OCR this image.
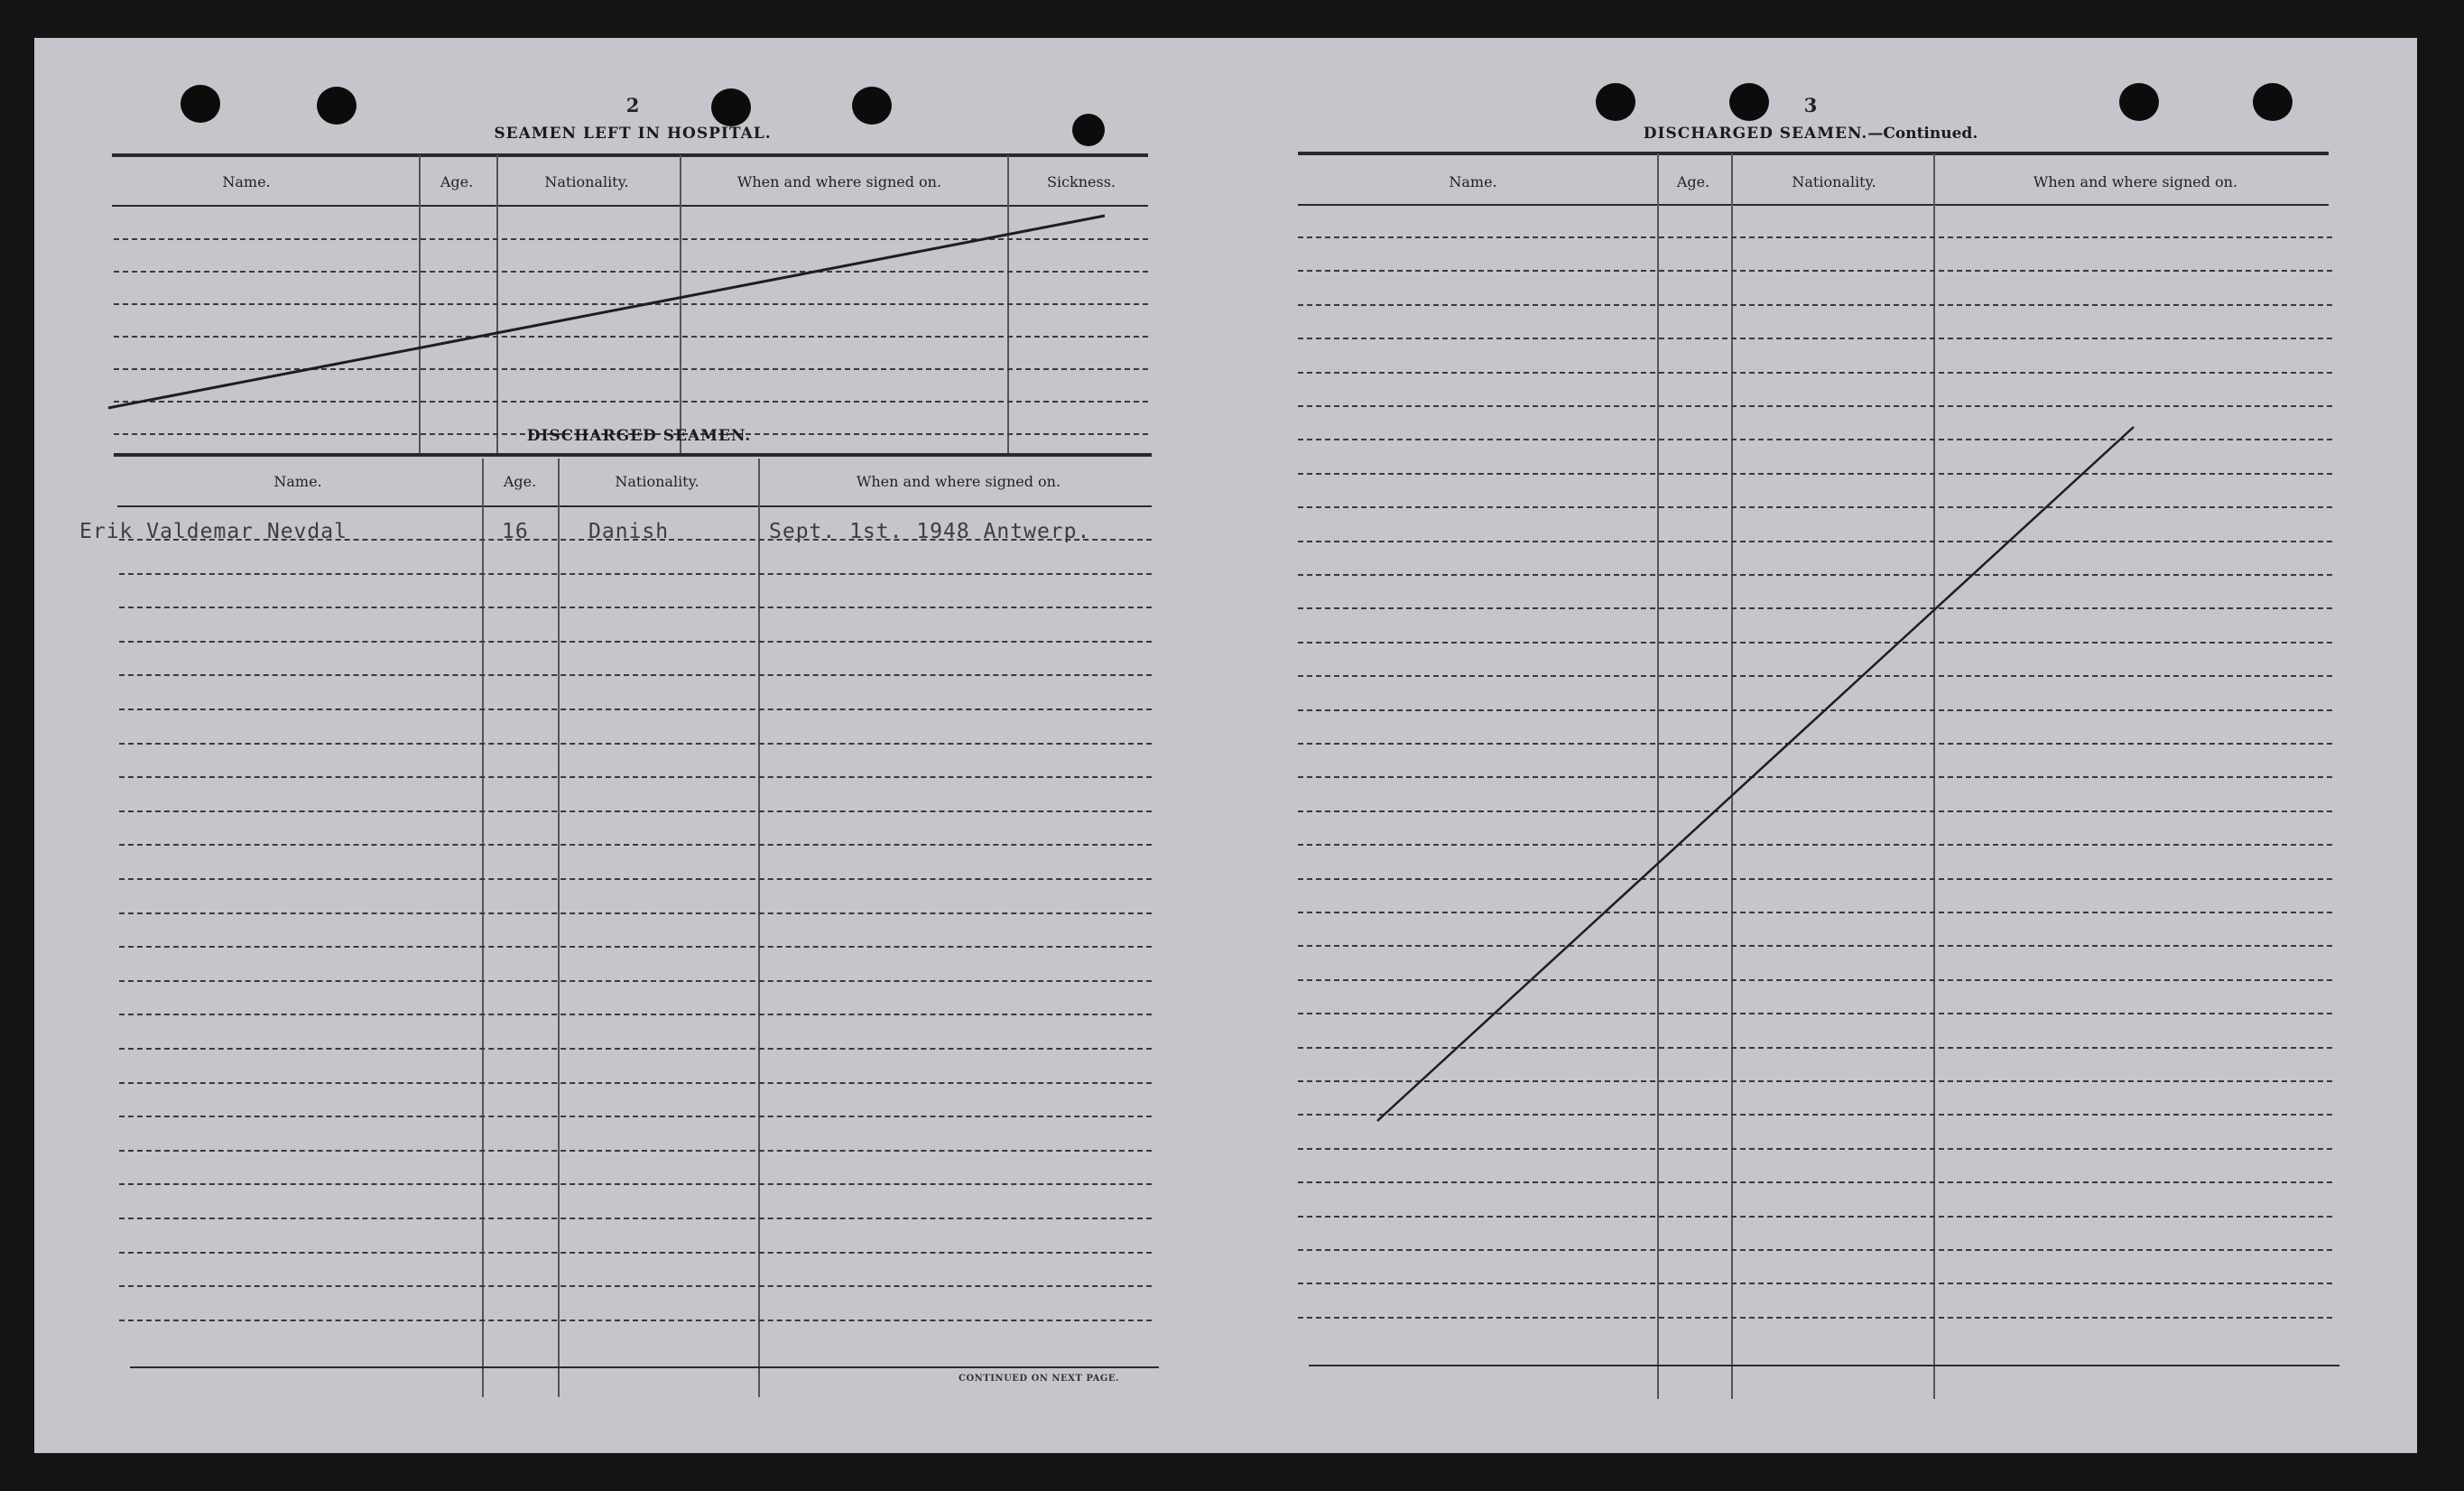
2
SEAMEN LEFT IN HOSPITAL.
Name.	Age.	Nationality.	When and where signed on.	Sickness.
DISCHARGED SEAMEN.
Name.	Age.	Nationality.	When and where signed on.
Erik Valdemar Nevdal	16	Danish	Sept. 1st. 1948 Antwerp.
CONTINUED ON NEXT PAGE.
3
DISCHARGED SEAMEN.—Continued.
Name.	Age.	Nationality.	When and where signed on.
